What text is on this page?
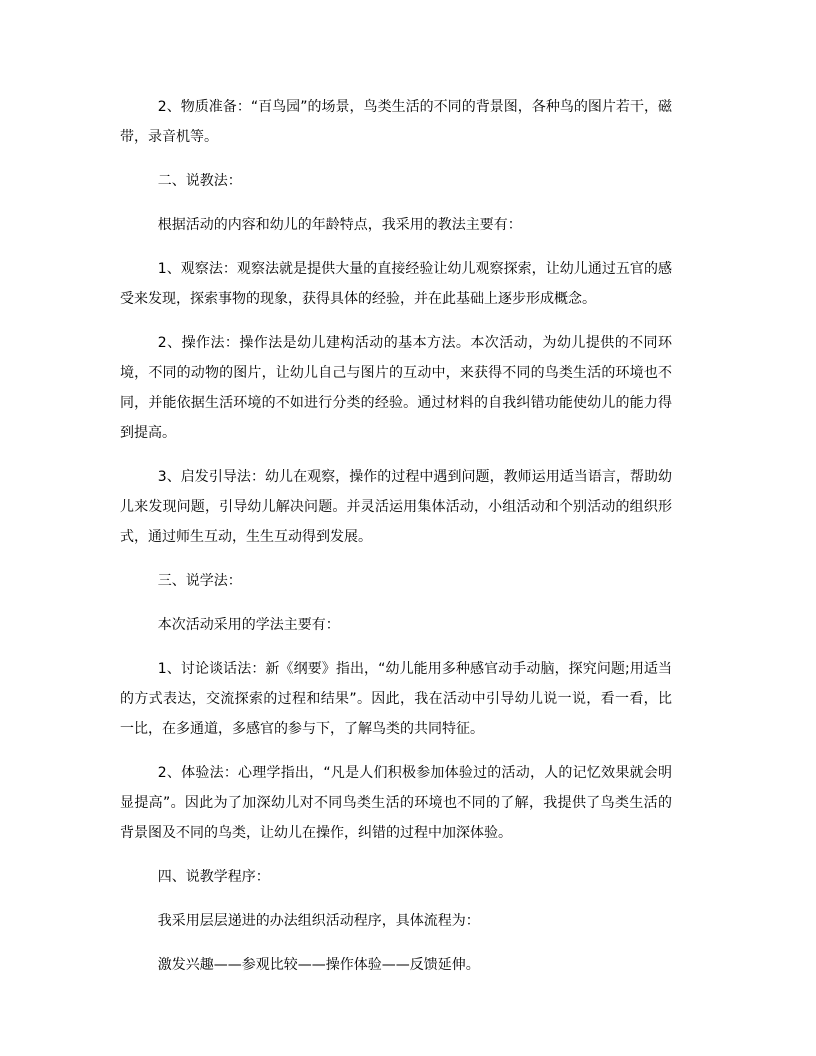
2、物质准备：“百鸟园”的场景，鸟类生活的不同的背景图，各种鸟的图片若干，磁带，录音机等。

二、说教法：

根据活动的内容和幼儿的年龄特点，我采用的教法主要有：

1、观察法：观察法就是提供大量的直接经验让幼儿观察探索，让幼儿通过五官的感受来发现，探索事物的现象，获得具体的经验，并在此基础上逐步形成概念。

2、操作法：操作法是幼儿建构活动的基本方法。本次活动，为幼儿提供的不同环境，不同的动物的图片，让幼儿自己与图片的互动中，来获得不同的鸟类生活的环境也不同，并能依据生活环境的不如进行分类的经验。通过材料的自我纠错功能使幼儿的能力得到提高。

3、启发引导法：幼儿在观察，操作的过程中遇到问题，教师运用适当语言，帮助幼儿来发现问题，引导幼儿解决问题。并灵活运用集体活动，小组活动和个别活动的组织形式，通过师生互动，生生互动得到发展。

三、说学法：

本次活动采用的学法主要有：

1、讨论谈话法：新《纲要》指出，“幼儿能用多种感官动手动脑，探究问题;用适当的方式表达，交流探索的过程和结果”。因此，我在活动中引导幼儿说一说，看一看，比一比，在多通道，多感官的参与下，了解鸟类的共同特征。

2、体验法：心理学指出，“凡是人们积极参加体验过的活动，人的记忆效果就会明显提高”。因此为了加深幼儿对不同鸟类生活的环境也不同的了解，我提供了鸟类生活的背景图及不同的鸟类，让幼儿在操作，纠错的过程中加深体验。

四、说教学程序：

我采用层层递进的办法组织活动程序，具体流程为：

激发兴趣——参观比较——操作体验——反馈延伸。
